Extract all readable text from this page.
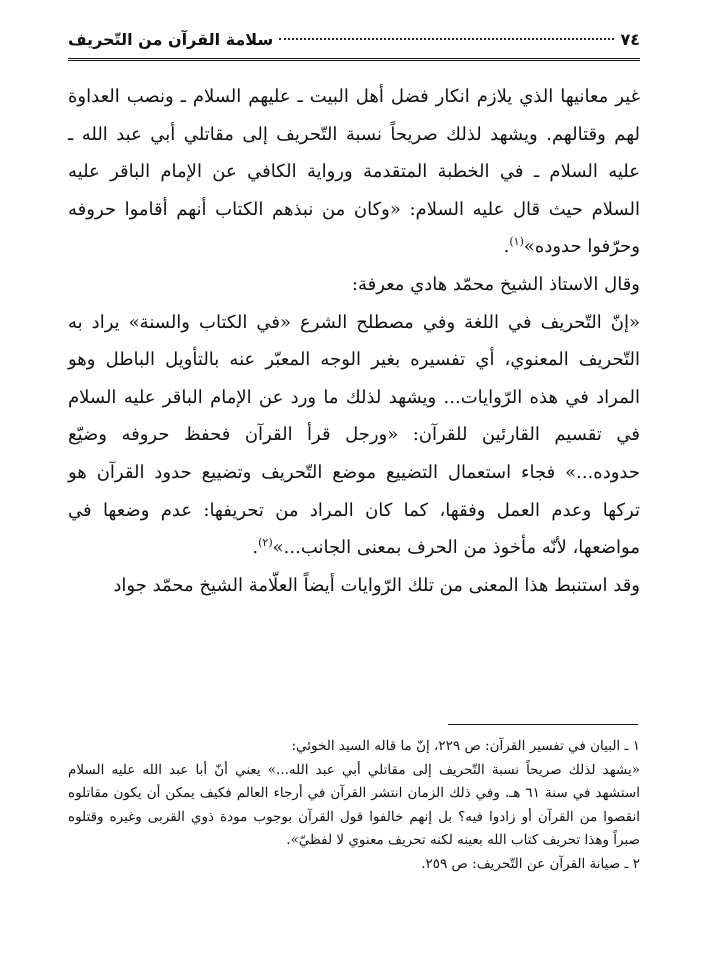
٧٤
سلامة القرآن من التّحريف

غير معانيها الذي يلازم انكار فضل أهل البيت ـ عليهم السلام ـ ونصب العداوة لهم وقتالهم. ويشهد لذلك صريحاً نسبة التّحريف إلى مقاتلي أبي عبد الله ـ عليه السلام ـ في الخطبة المتقدمة ورواية الكافي عن الإمام الباقر عليه السلام حيث قال عليه السلام: «وكان من نبذهم الكتاب أنهم أقاموا حروفه وحرّفوا حدوده»$^{(١)}$.

وقال الاستاذ الشيخ محمّد هادي معرفة:

«إنّ التّحريف في اللغة وفي مصطلح الشرع «في الكتاب والسنة» يراد به التّحريف المعنوي، أي تفسيره بغير الوجه المعبّر عنه بالتأويل الباطل وهو المراد في هذه الرّوايات... ويشهد لذلك ما ورد عن الإمام الباقر عليه السلام في تقسيم القارئين للقرآن: «ورجل قرأ القرآن فحفظ حروفه وضيّع حدوده...» فجاء استعمال التضييع موضع التّحريف وتضييع حدود القرآن هو تركها وعدم العمل وفقها، كما كان المراد من تحريفها: عدم وضعها في مواضعها، لأنّه مأخوذ من الحرف بمعنى الجانب...»$^{(٢)}$.

وقد استنبط هذا المعنى من تلك الرّوايات أيضاً العلّامة الشيخ محمّد جواد

١ ـ البيان في تفسير القرآن: ص ٢٢٩، إنّ ما قاله السيد الخوئي:

«يشهد لذلك صريحاً نسبة التّحريف إلى مقاتلي أبي عبد الله...» يعني أنّ أبا عبد الله عليه السلام استشهد في سنة ٦١ هـ. وفي ذلك الزمان انتشر القرآن في أرجاء العالم فكيف يمكن أن يكون مقاتلوه انقصوا من القرآن أو زادوا فيه؟ بل إنهم خالفوا قول القرآن بوجوب مودة ذوي القربى وغيره وقتلوه صبراً وهذا تحريف كتاب الله بعينه لكنه تحريف معنوي لا لفظيّ».

٢ ـ صيانة القرآن عن التّحريف: ص ٢٥٩.
